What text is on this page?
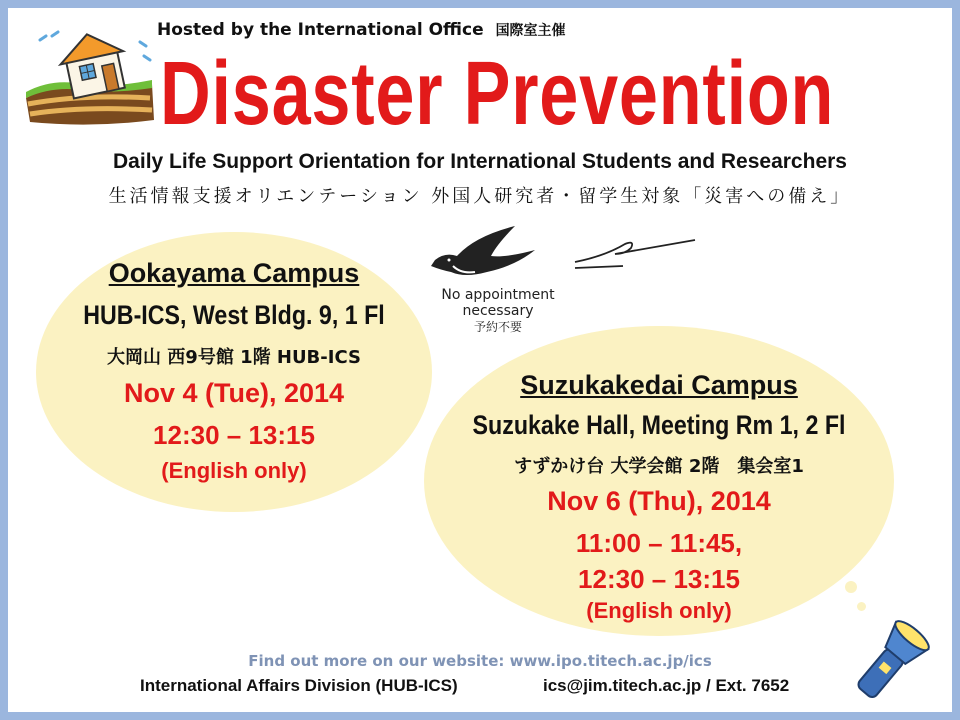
Hosted by the International Office 国際室主催
Disaster Prevention
Daily Life Support Orientation for International Students and Researchers
生活情報支援オリエンテーション 外国人研究者・留学生対象「災害への備え」
No appointment
necessary
予約不要
Ookayama Campus
HUB-ICS, West Bldg. 9, 1 Fl
大岡山 西9号館 1階 HUB-ICS
Nov 4 (Tue), 2014
12:30 – 13:15
(English only)
Suzukakedai Campus
Suzukake Hall, Meeting Rm 1, 2 Fl
すずかけ台 大学会館 2階　集会室1
Nov 6 (Thu), 2014
11:00 – 11:45,
12:30 – 13:15
(English only)
Find out more on our website: www.ipo.titech.ac.jp/ics
International Affairs Division (HUB-ICS)	ics@jim.titech.ac.jp / Ext. 7652
